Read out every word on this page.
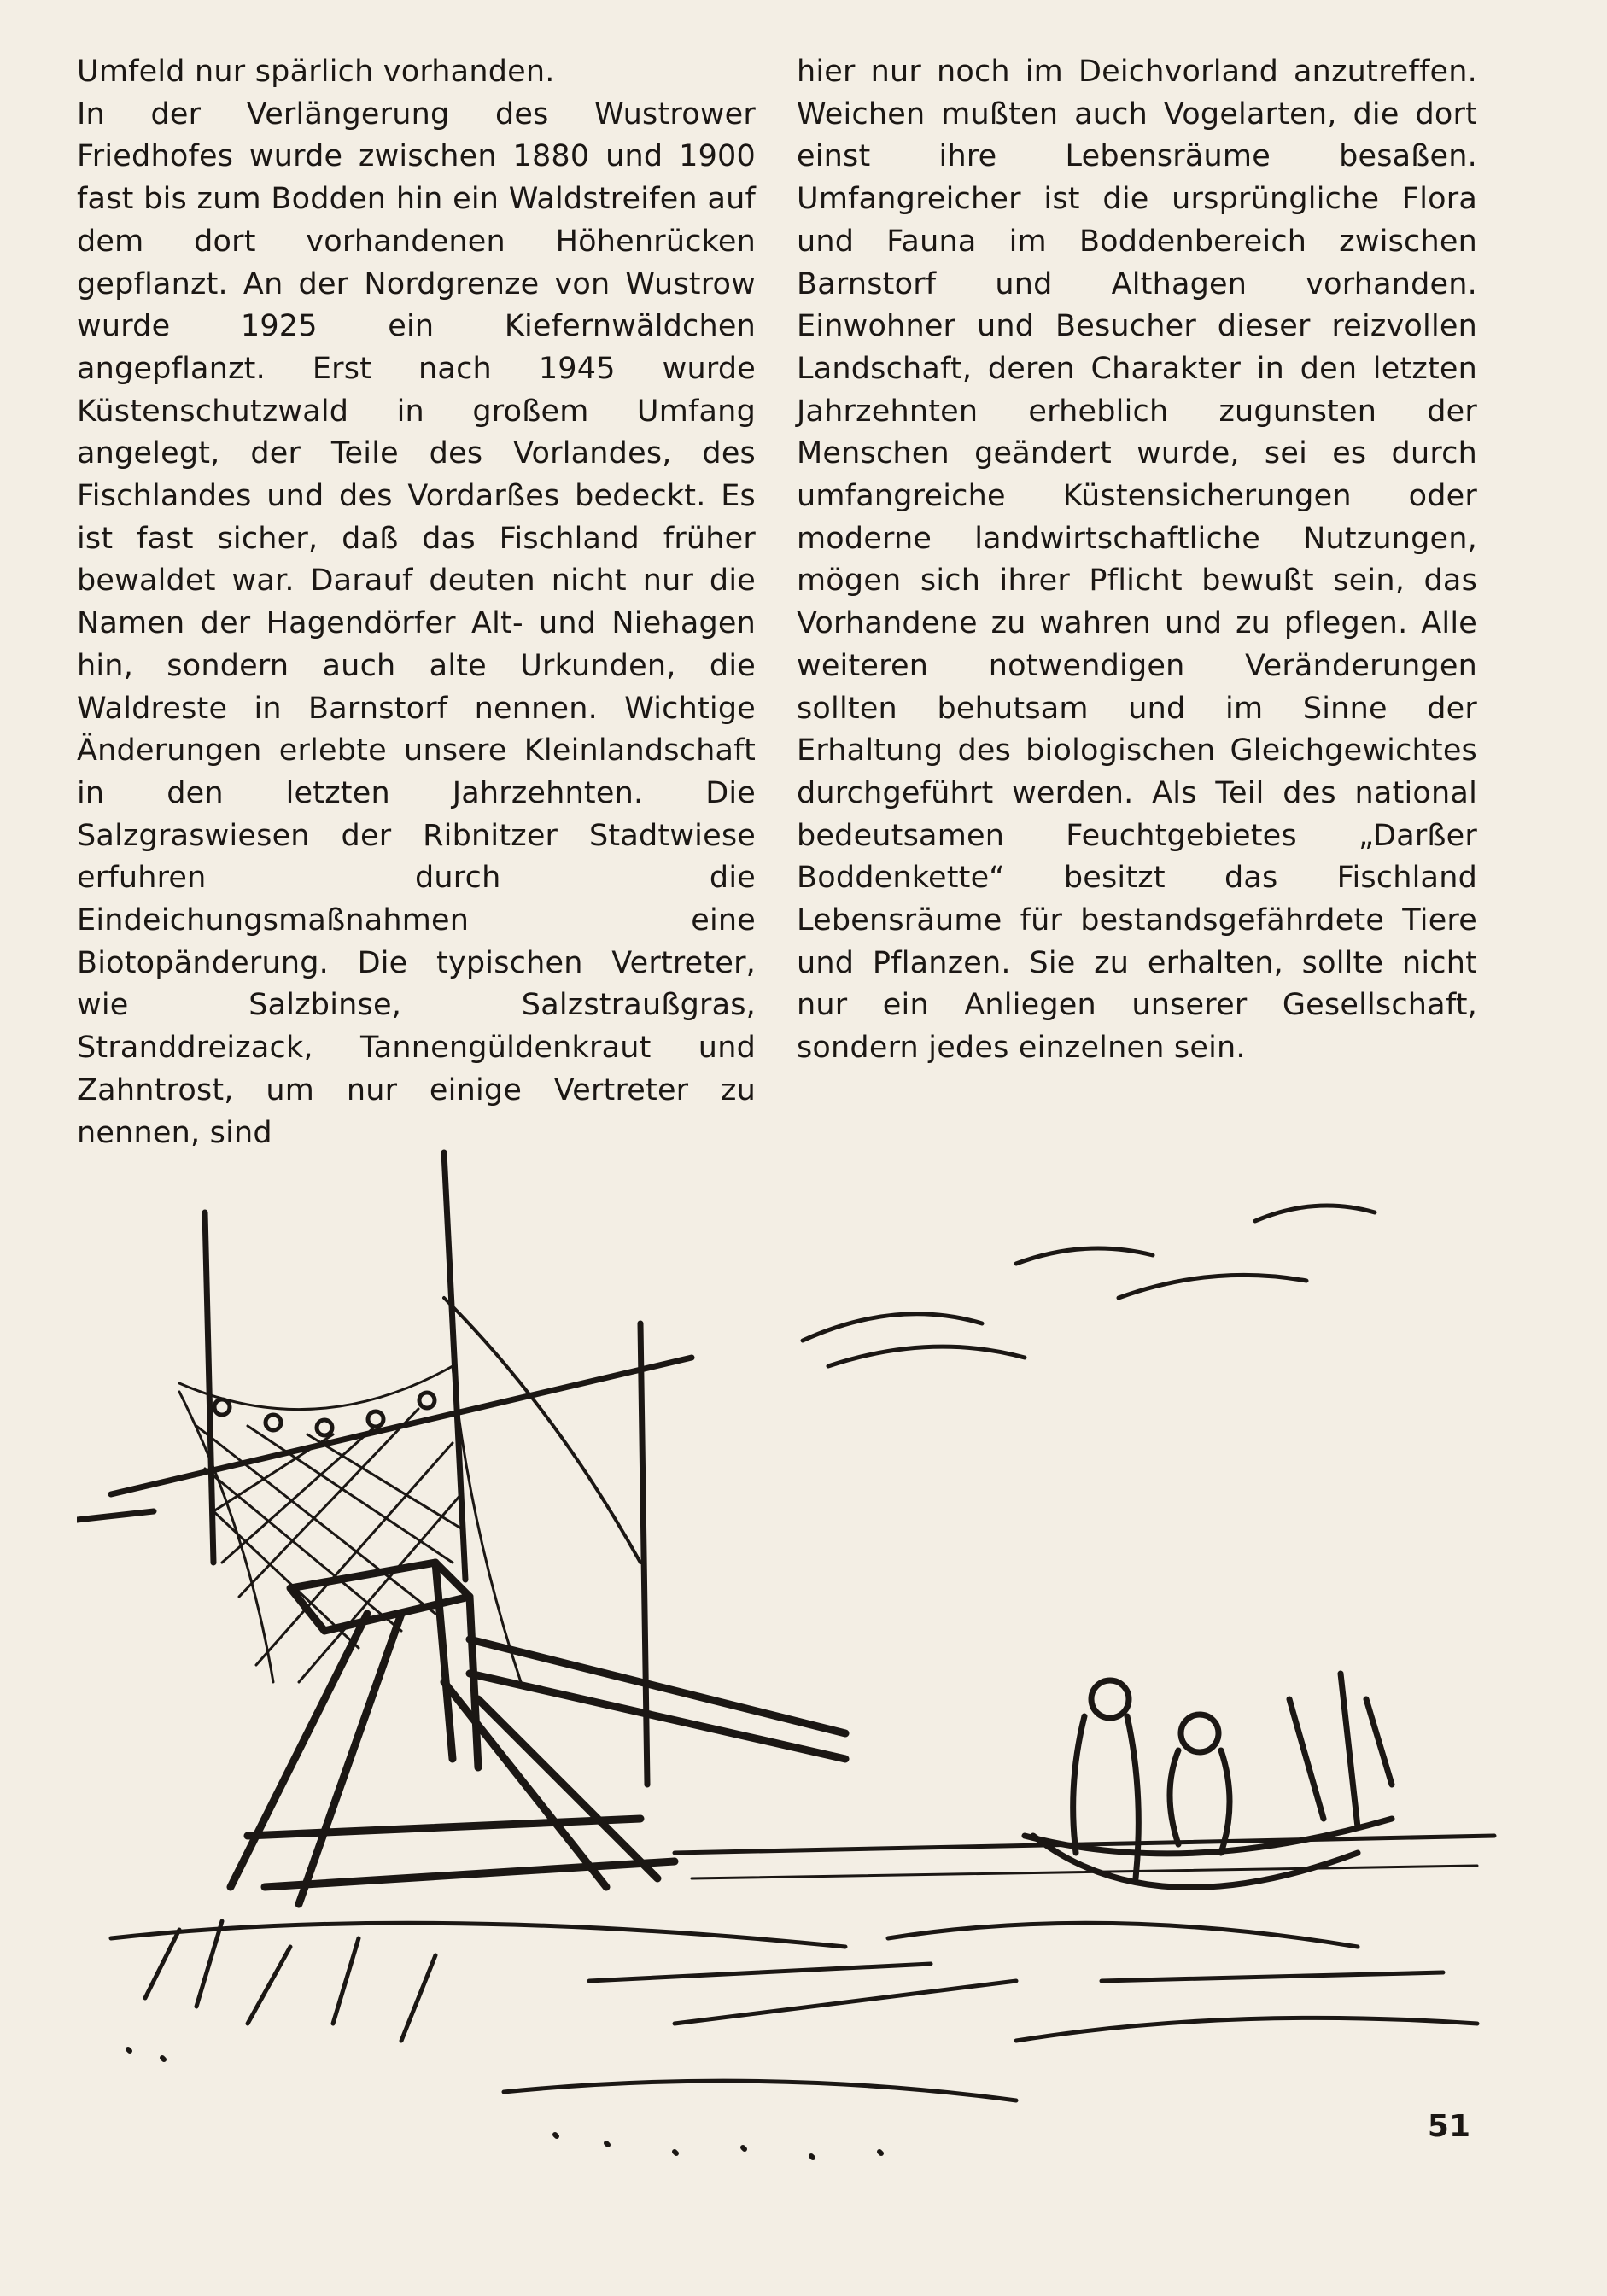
Umfeld nur spärlich vorhanden.

In der Verlängerung des Wustrower Friedhofes wurde zwischen 1880 und 1900 fast bis zum Bodden hin ein Waldstreifen auf dem dort vorhandenen Höhenrücken gepflanzt. An der Nordgrenze von Wustrow wurde 1925 ein Kiefernwäldchen angepflanzt. Erst nach 1945 wurde Küstenschutzwald in großem Umfang angelegt, der Teile des Vorlandes, des Fischlandes und des Vordarßes bedeckt. Es ist fast sicher, daß das Fischland früher bewaldet war. Darauf deuten nicht nur die Namen der Hagendörfer Alt- und Niehagen hin, sondern auch alte Urkunden, die Waldreste in Barnstorf nennen. Wichtige Änderungen erlebte unsere Kleinlandschaft in den letzten Jahrzehnten. Die Salzgraswiesen der Ribnitzer Stadtwiese erfuhren durch die Eindeichungsmaßnahmen eine Biotopänderung. Die typischen Vertreter, wie Salzbinse, Salzstraußgras, Stranddreizack, Tannengüldenkraut und Zahntrost, um nur einige Vertreter zu nennen, sind

hier nur noch im Deichvorland anzutreffen. Weichen mußten auch Vogelarten, die dort einst ihre Lebensräume besaßen. Umfangreicher ist die ursprüngliche Flora und Fauna im Boddenbereich zwischen Barnstorf und Althagen vorhanden. Einwohner und Besucher dieser reizvollen Landschaft, deren Charakter in den letzten Jahrzehnten erheblich zugunsten der Menschen geändert wurde, sei es durch umfangreiche Küstensicherungen oder moderne landwirtschaftliche Nutzungen, mögen sich ihrer Pflicht bewußt sein, das Vorhandene zu wahren und zu pflegen. Alle weiteren notwendigen Veränderungen sollten behutsam und im Sinne der Erhaltung des biologischen Gleichgewichtes durchgeführt werden. Als Teil des national bedeutsamen Feuchtgebietes „Darßer Boddenkette“ besitzt das Fischland Lebensräume für bestandsgefährdete Tiere und Pflanzen. Sie zu erhalten, sollte nicht nur ein Anliegen unserer Gesellschaft, sondern jedes einzelnen sein.

51
